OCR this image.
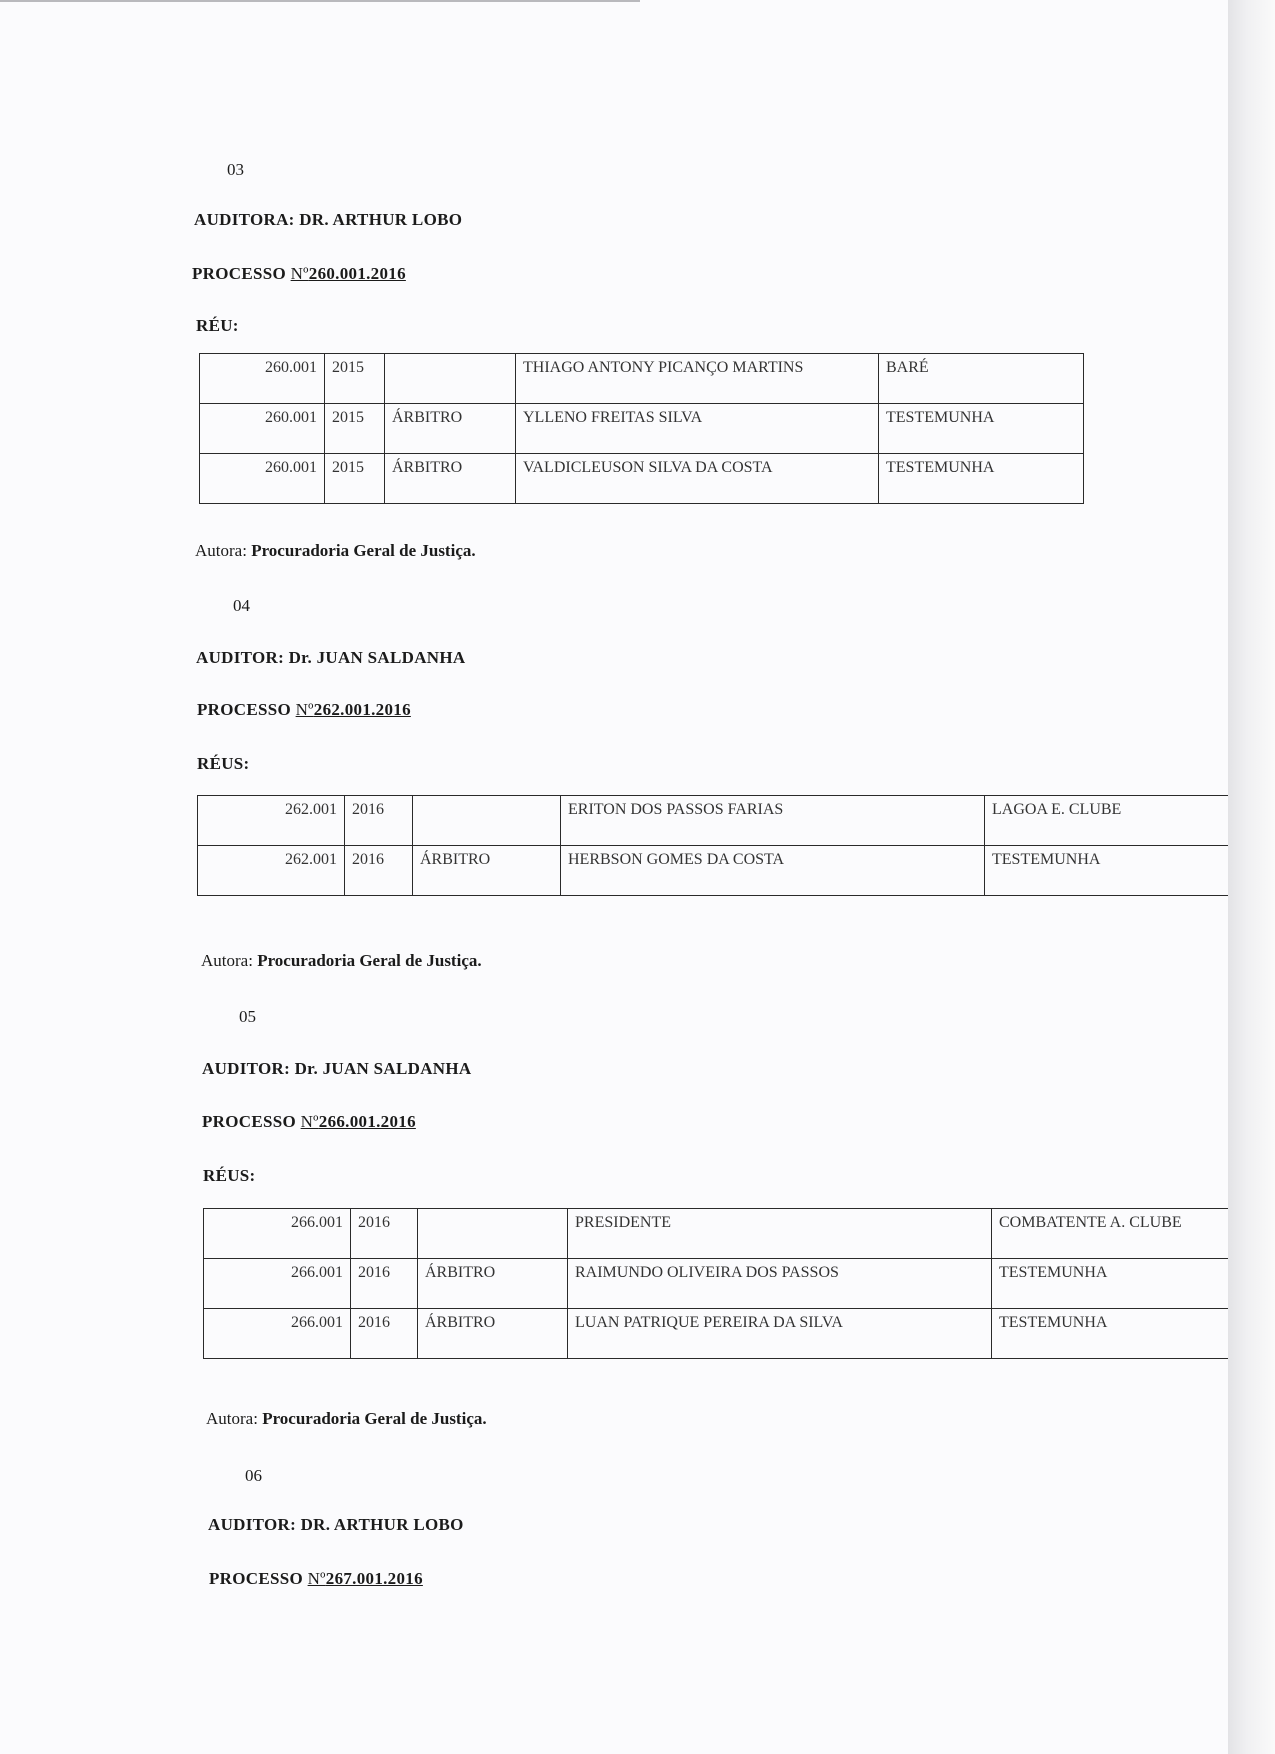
03
AUDITORA: DR. ARTHUR LOBO
PROCESSO Nº260.001.2016
RÉU:
260.001	2015		THIAGO ANTONY PICANÇO MARTINS	BARÉ
260.001	2015	ÁRBITRO	YLLENO FREITAS SILVA	TESTEMUNHA
260.001	2015	ÁRBITRO	VALDICLEUSON SILVA DA COSTA	TESTEMUNHA
Autora: Procuradoria Geral de Justiça.
04
AUDITOR: Dr. JUAN SALDANHA
PROCESSO Nº262.001.2016
RÉUS:
262.001	2016		ERITON DOS PASSOS FARIAS	LAGOA E. CLUBE
262.001	2016	ÁRBITRO	HERBSON GOMES DA COSTA	TESTEMUNHA
Autora: Procuradoria Geral de Justiça.
05
AUDITOR: Dr. JUAN SALDANHA
PROCESSO Nº266.001.2016
RÉUS:
266.001	2016		PRESIDENTE	COMBATENTE A. CLUBE
266.001	2016	ÁRBITRO	RAIMUNDO OLIVEIRA DOS PASSOS	TESTEMUNHA
266.001	2016	ÁRBITRO	LUAN PATRIQUE PEREIRA DA SILVA	TESTEMUNHA
Autora: Procuradoria Geral de Justiça.
06
AUDITOR: DR. ARTHUR LOBO
PROCESSO Nº267.001.2016
